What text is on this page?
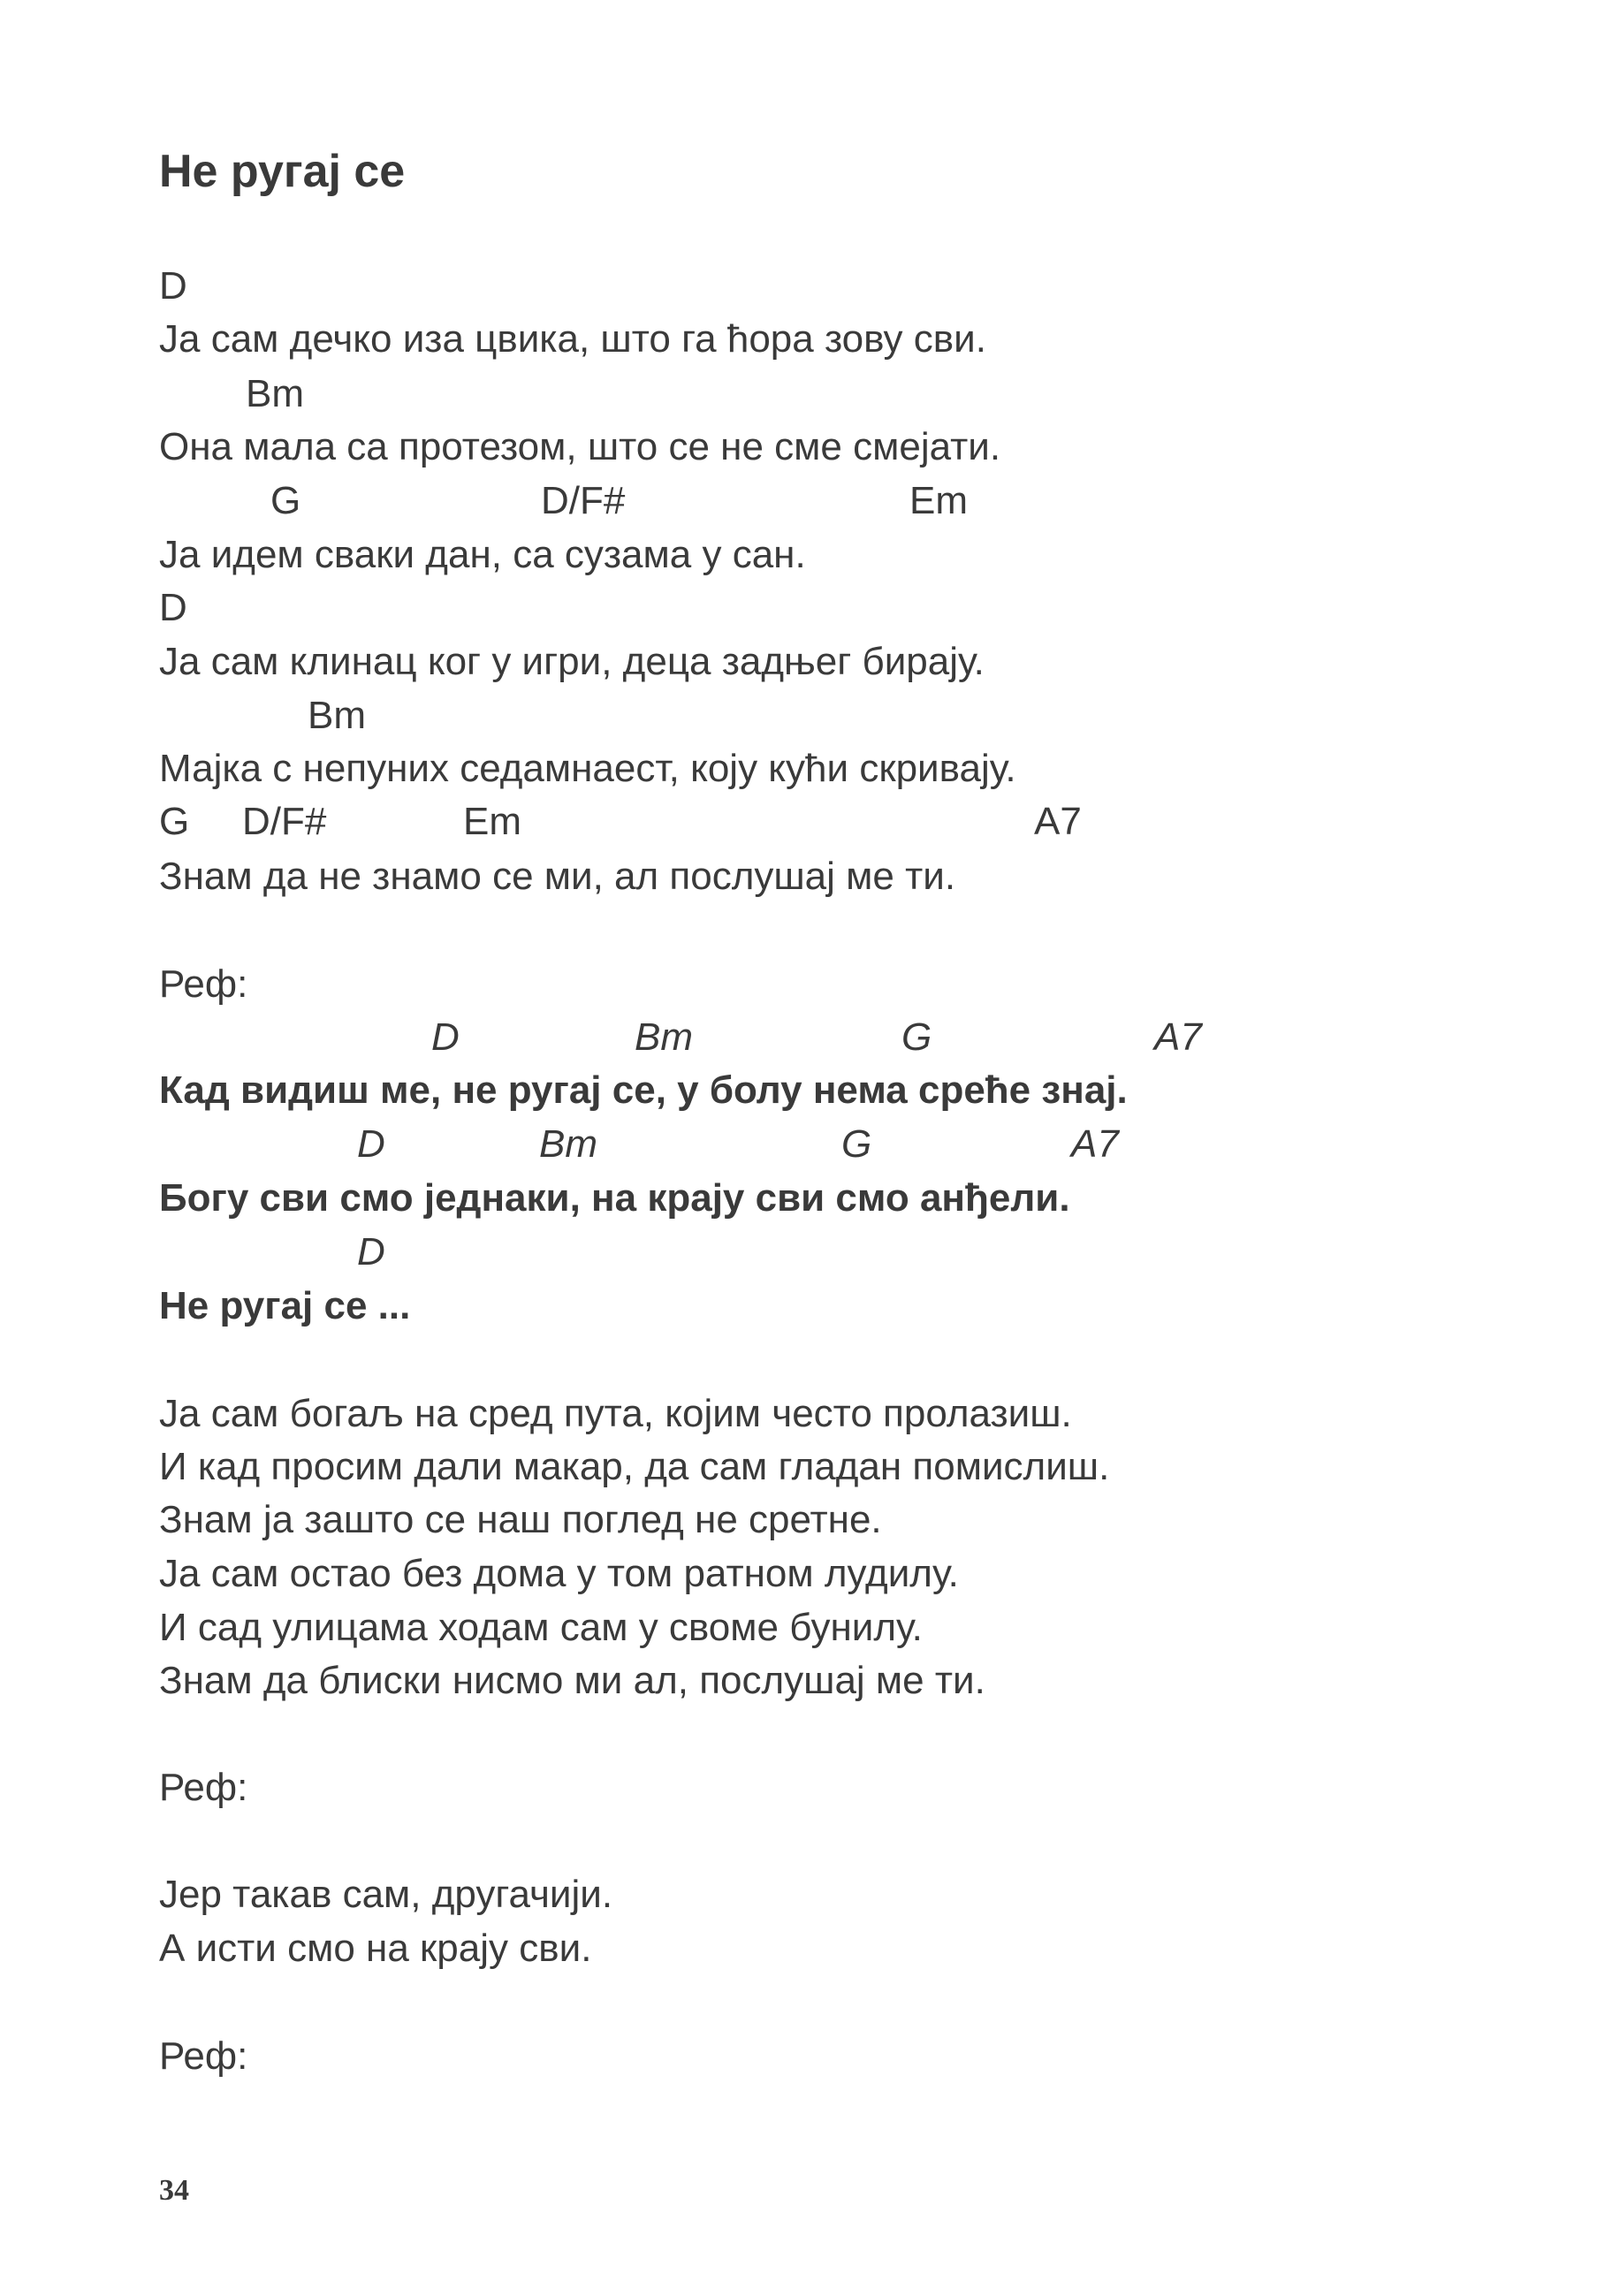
Не ругај се
D
Ја сам дечко иза цвика, што га ћора зову сви.
Bm
Она мала са протезом, што се не сме смејати.
G	D/F#	Em
Ја идем сваки дан, са сузама у сан.
D
Ја сам клинац ког у игри, деца задњег бирају.
Bm
Мајка с непуних седамнаест, коју кући скривају.
G D/F#	Em	A7
Знам да не знамо се ми, ал послушај ме ти.
Реф:
D	Bm	G	A7
Кад видиш ме, не ругај се, у болу нема среће знај.
D	Bm	G	A7
Богу сви смо једнаки, на крају сви смо анђели.
D
Не ругај се ...
Ја сам богаљ на сред пута, којим често пролазиш.
И кад просим дали макар, да сам гладан помислиш.
Знам ја зашто се наш поглед не сретне.
Ја сам остао без дома у том ратном лудилу.
И сад улицама ходам сам у своме бунилу.
Знам да блиски нисмо ми ал, послушај ме ти.
Реф:
Јер такав сам, другачији.
А исти смо на крају сви.
Реф:
34
